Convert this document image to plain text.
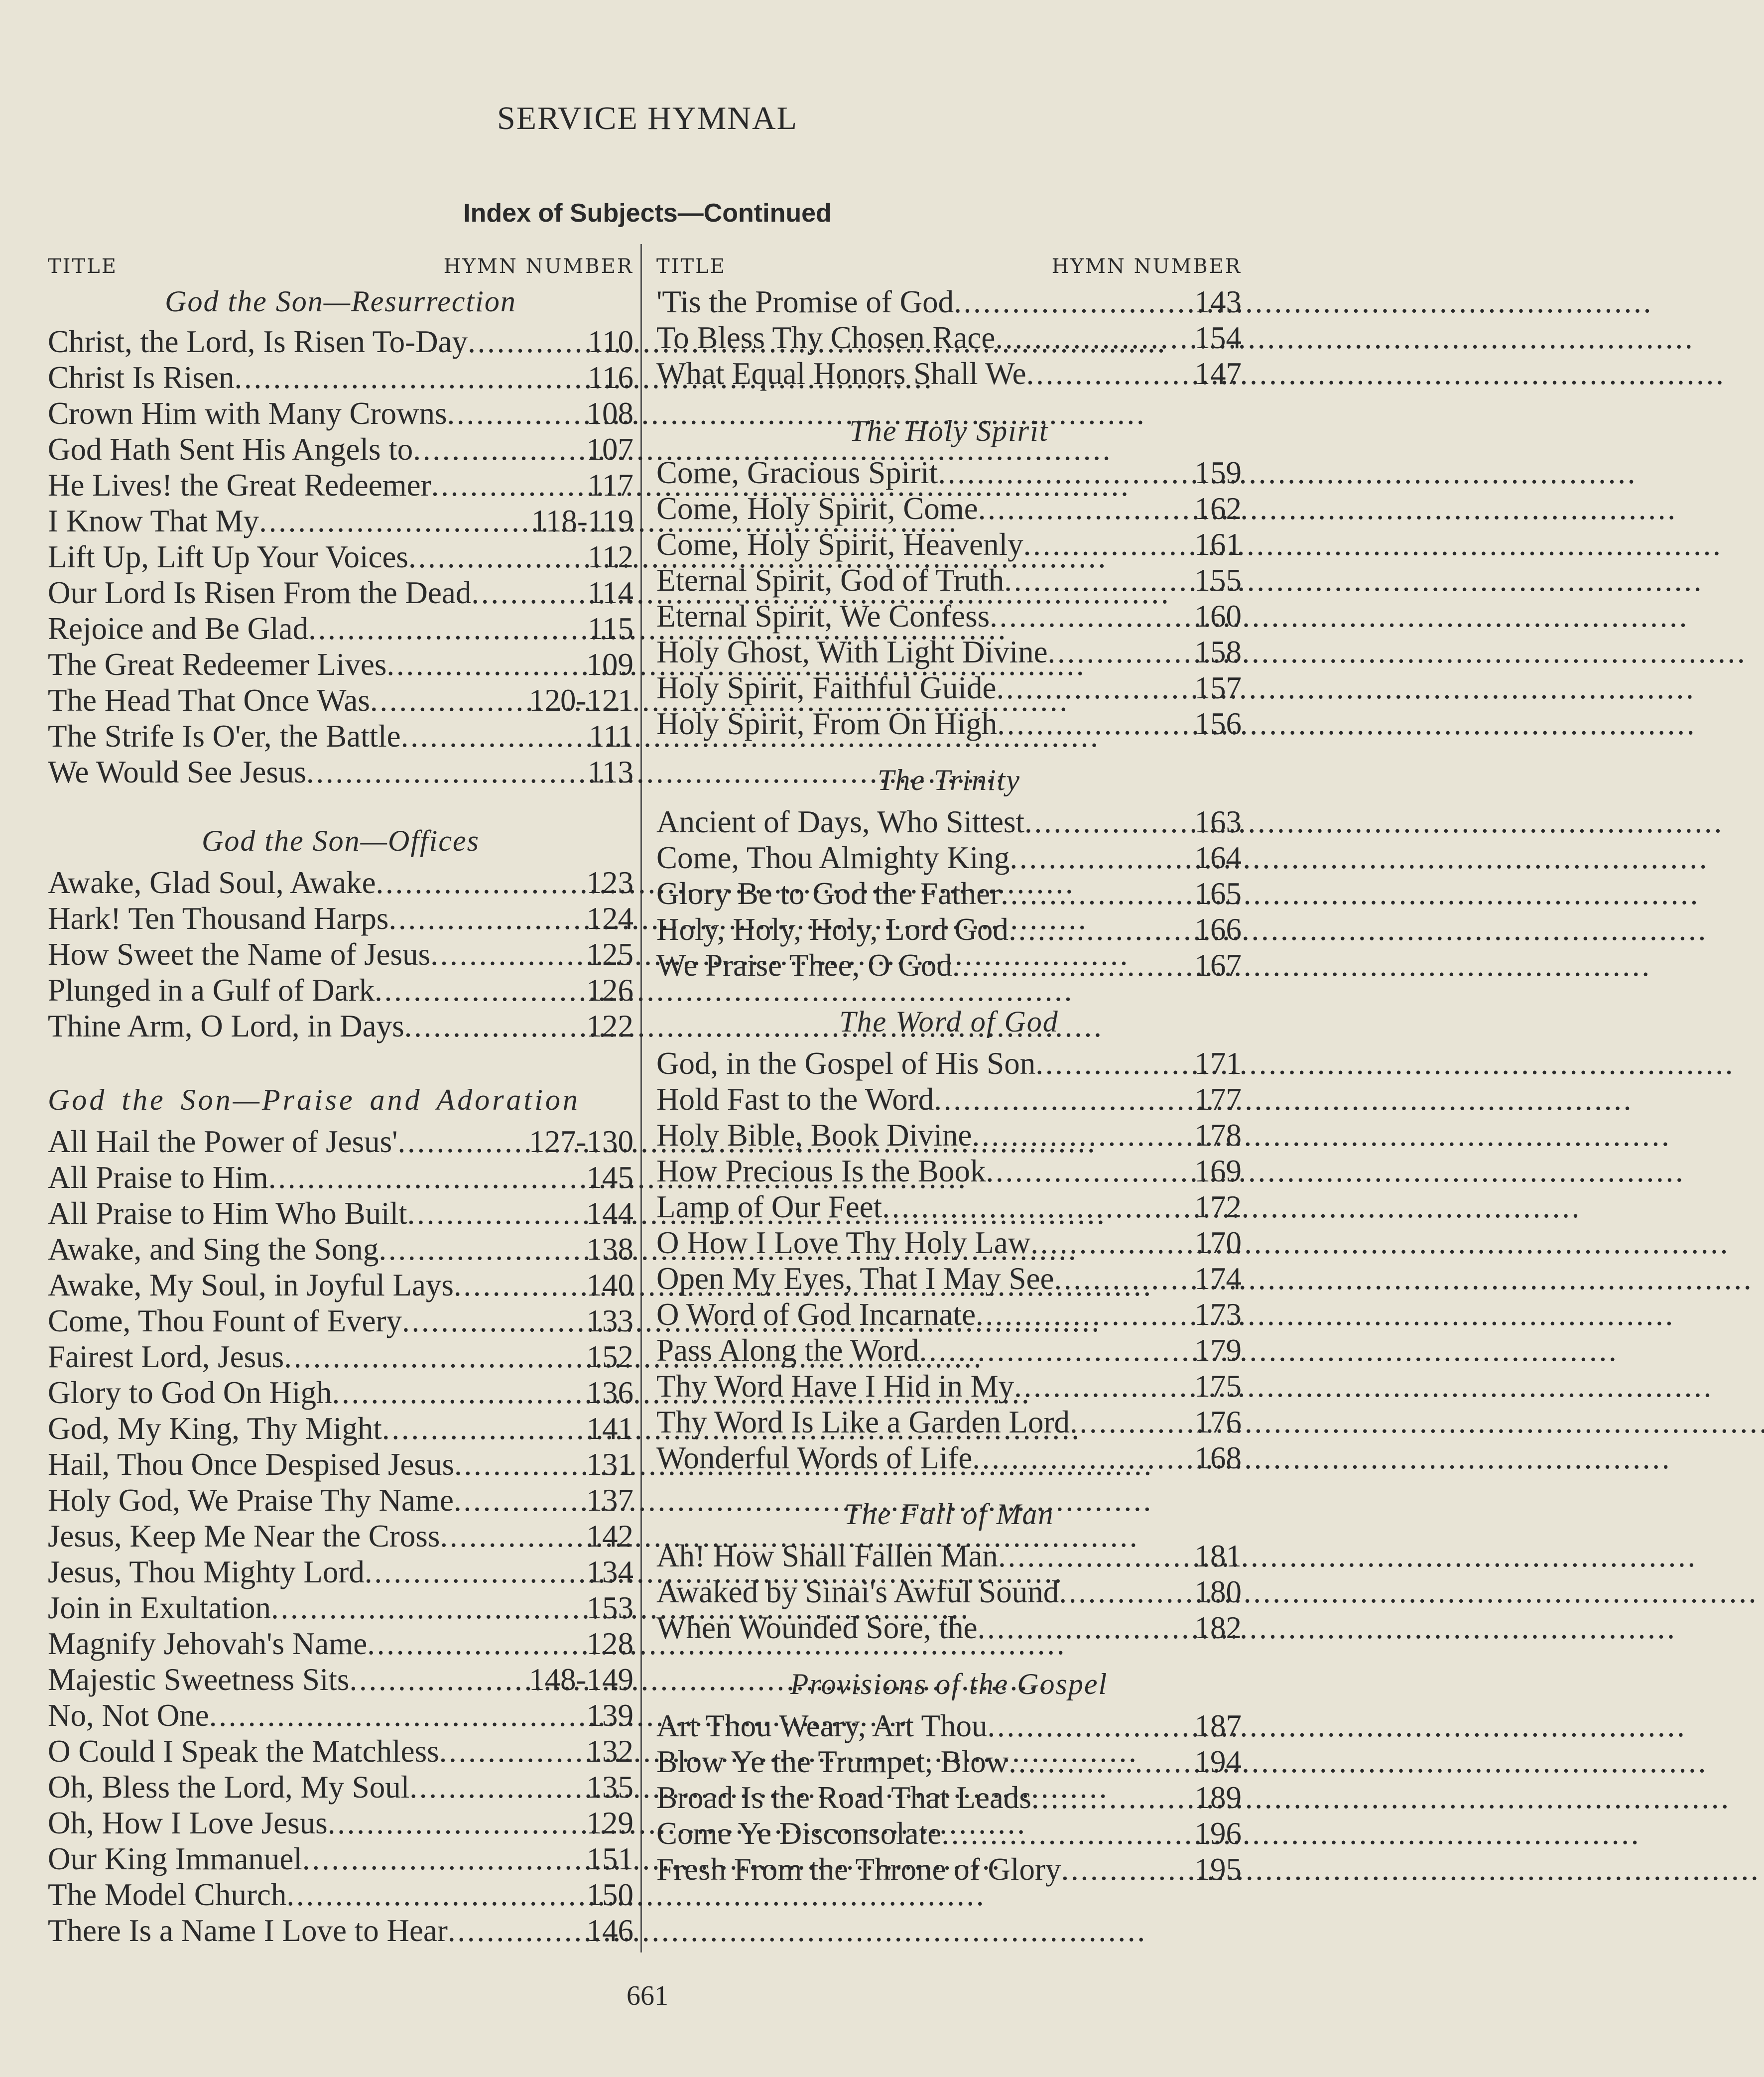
SERVICE HYMNAL
Index of Subjects—Continued
TITLE	HYMN NUMBER
God the Son—Resurrection
Christ, the Lord, Is Risen To-Day . . .	110
Christ Is Risen . . .	116
Crown Him with Many Crowns . . .	108
God Hath Sent His Angels to . . .	107
He Lives! the Great Redeemer . . .	117
I Know That My . . .	118-119
Lift Up, Lift Up Your Voices . . .	112
Our Lord Is Risen From the Dead . . .	114
Rejoice and Be Glad . . .	115
The Great Redeemer Lives . . .	109
The Head That Once Was . . .	120-121
The Strife Is O'er, the Battle . . .	111
We Would See Jesus . . .	113
God the Son—Offices
Awake, Glad Soul, Awake . . .	123
Hark! Ten Thousand Harps . . .	124
How Sweet the Name of Jesus . . .	125
Plunged in a Gulf of Dark . . .	126
Thine Arm, O Lord, in Days . . .	122
God the Son—Praise and Adoration
All Hail the Power of Jesus' . . .	127-130
All Praise to Him . . .	145
All Praise to Him Who Built . . .	144
Awake, and Sing the Song . . .	138
Awake, My Soul, in Joyful Lays . . .	140
Come, Thou Fount of Every . . .	133
Fairest Lord, Jesus . . .	152
Glory to God On High . . .	136
God, My King, Thy Might . . .	141
Hail, Thou Once Despised Jesus . . .	131
Holy God, We Praise Thy Name . . .	137
Jesus, Keep Me Near the Cross . . .	142
Jesus, Thou Mighty Lord . . .	134
Join in Exultation . . .	153
Magnify Jehovah's Name . . .	128
Majestic Sweetness Sits . . .	148-149
No, Not One . . .	139
O Could I Speak the Matchless . . .	132
Oh, Bless the Lord, My Soul . . .	135
Oh, How I Love Jesus . . .	129
Our King Immanuel . . .	151
The Model Church . . .	150
There Is a Name I Love to Hear . . .	146
TITLE	HYMN NUMBER
'Tis the Promise of God . . .	143
To Bless Thy Chosen Race . . .	154
What Equal Honors Shall We . . .	147
The Holy Spirit
Come, Gracious Spirit . . .	159
Come, Holy Spirit, Come . . .	162
Come, Holy Spirit, Heavenly . . .	161
Eternal Spirit, God of Truth . . .	155
Eternal Spirit, We Confess . . .	160
Holy Ghost, With Light Divine . . .	158
Holy Spirit, Faithful Guide . . .	157
Holy Spirit, From On High . . .	156
The Trinity
Ancient of Days, Who Sittest . . .	163
Come, Thou Almighty King . . .	164
Glory Be to God the Father . . .	165
Holy, Holy, Holy, Lord God . . .	166
We Praise Thee, O God . . .	167
The Word of God
God, in the Gospel of His Son . . .	171
Hold Fast to the Word . . .	177
Holy Bible, Book Divine . . .	178
How Precious Is the Book . . .	169
Lamp of Our Feet . . .	172
O How I Love Thy Holy Law . . .	170
Open My Eyes, That I May See . . .	174
O Word of God Incarnate . . .	173
Pass Along the Word . . .	179
Thy Word Have I Hid in My . . .	175
Thy Word Is Like a Garden Lord . . .	176
Wonderful Words of Life . . .	168
The Fall of Man
Ah! How Shall Fallen Man . . .	181
Awaked by Sinai's Awful Sound . . .	180
When Wounded Sore, the . . .	182
Provisions of the Gospel
Art Thou Weary, Art Thou . . .	187
Blow Ye the Trumpet, Blow . . .	194
Broad Is the Road That Leads . . .	189
Come Ye Disconsolate . . .	196
Fresh From the Throne of Glory . . .	195
661
